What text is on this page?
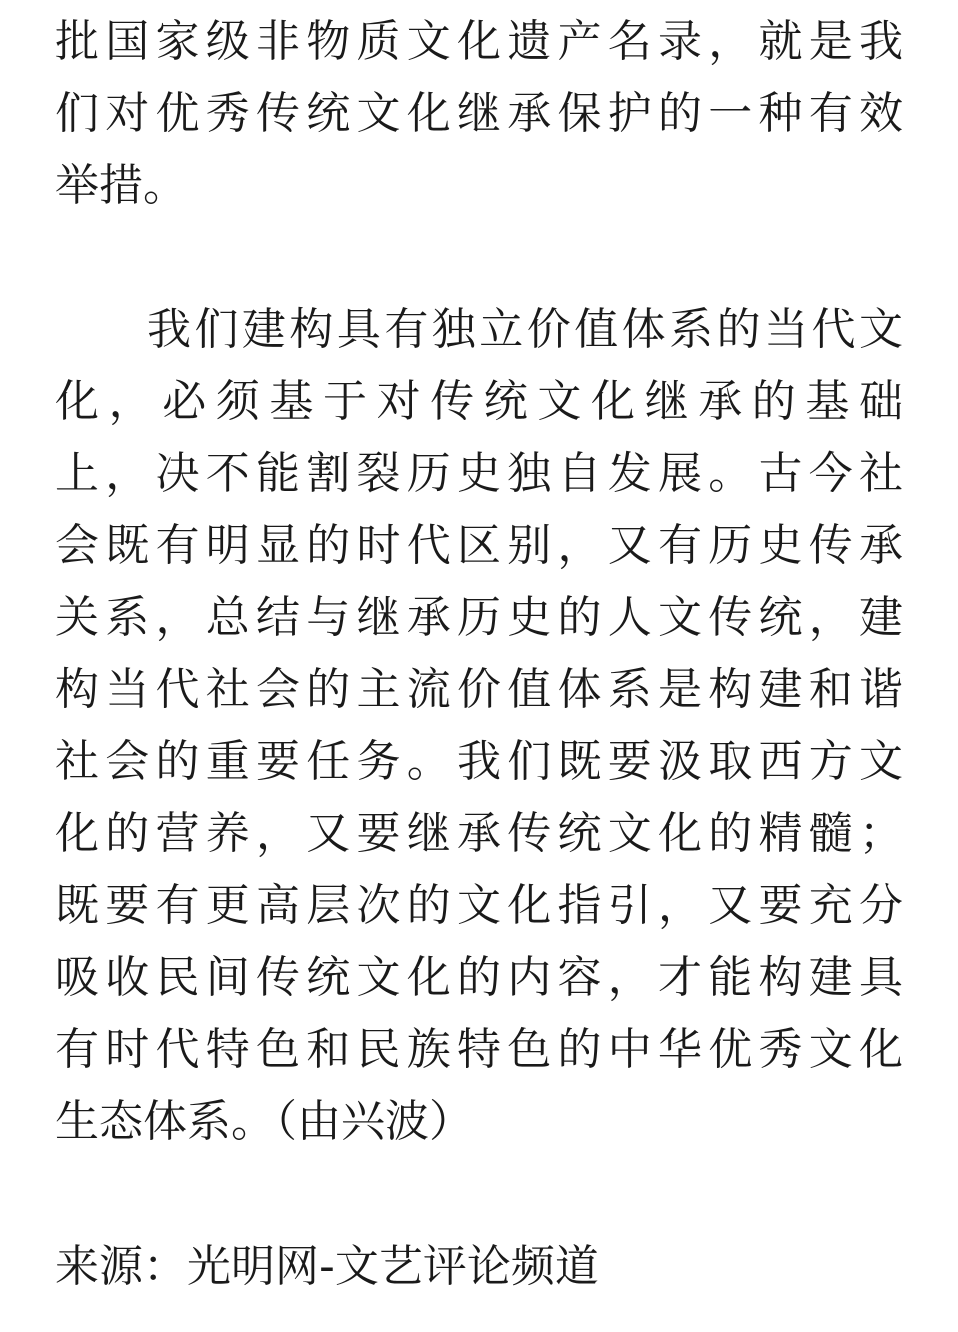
批国家级非物质文化遗产名录，就是我
们对优秀传统文化继承保护的一种有效
举措。
我们建构具有独立价值体系的当代文
化，必须基于对传统文化继承的基础
上，决不能割裂历史独自发展。古今社
会既有明显的时代区别，又有历史传承
关系，总结与继承历史的人文传统，建
构当代社会的主流价值体系是构建和谐
社会的重要任务。我们既要汲取西方文
化的营养，又要继承传统文化的精髓；
既要有更高层次的文化指引，又要充分
吸收民间传统文化的内容，才能构建具
有时代特色和民族特色的中华优秀文化
生态体系。（由兴波）
来源：光明网-文艺评论频道
